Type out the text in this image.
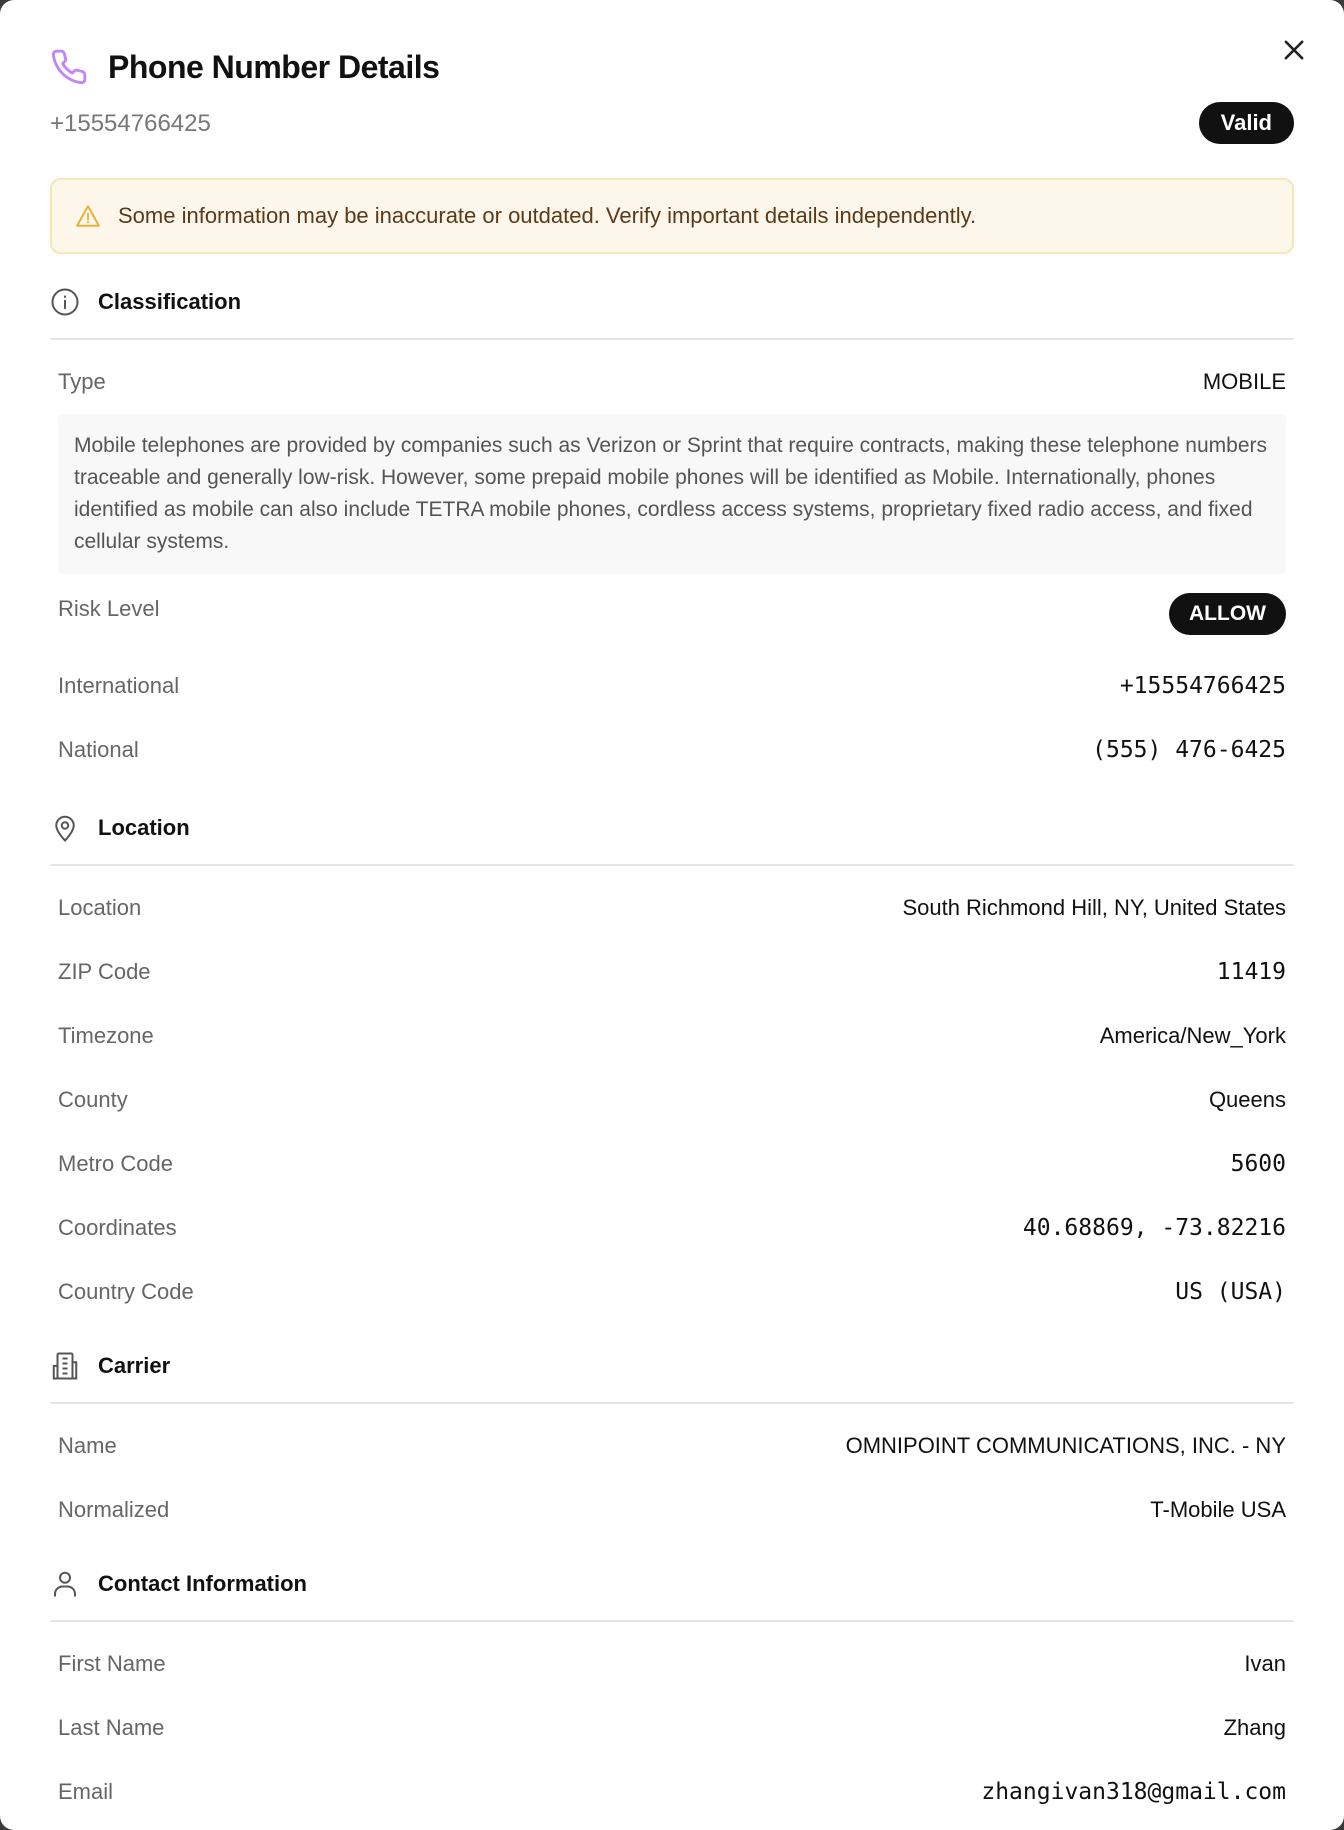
Phone Number Details
+15554766425	Valid
Some information may be inaccurate or outdated. Verify important details independently.
Classification
Type	MOBILE
Mobile telephones are provided by companies such as Verizon or Sprint that require contracts, making these telephone numbers traceable and generally low-risk. However, some prepaid mobile phones will be identified as Mobile. Internationally, phones identified as mobile can also include TETRA mobile phones, cordless access systems, proprietary fixed radio access, and fixed cellular systems.
Risk Level	ALLOW
International	+15554766425
National	(555) 476-6425
Location
Location	South Richmond Hill, NY, United States
ZIP Code	11419
Timezone	America/New_York
County	Queens
Metro Code	5600
Coordinates	40.68869, -73.82216
Country Code	US (USA)
Carrier
Name	OMNIPOINT COMMUNICATIONS, INC. - NY
Normalized	T-Mobile USA
Contact Information
First Name	Ivan
Last Name	Zhang
Email	zhangivan318@gmail.com
